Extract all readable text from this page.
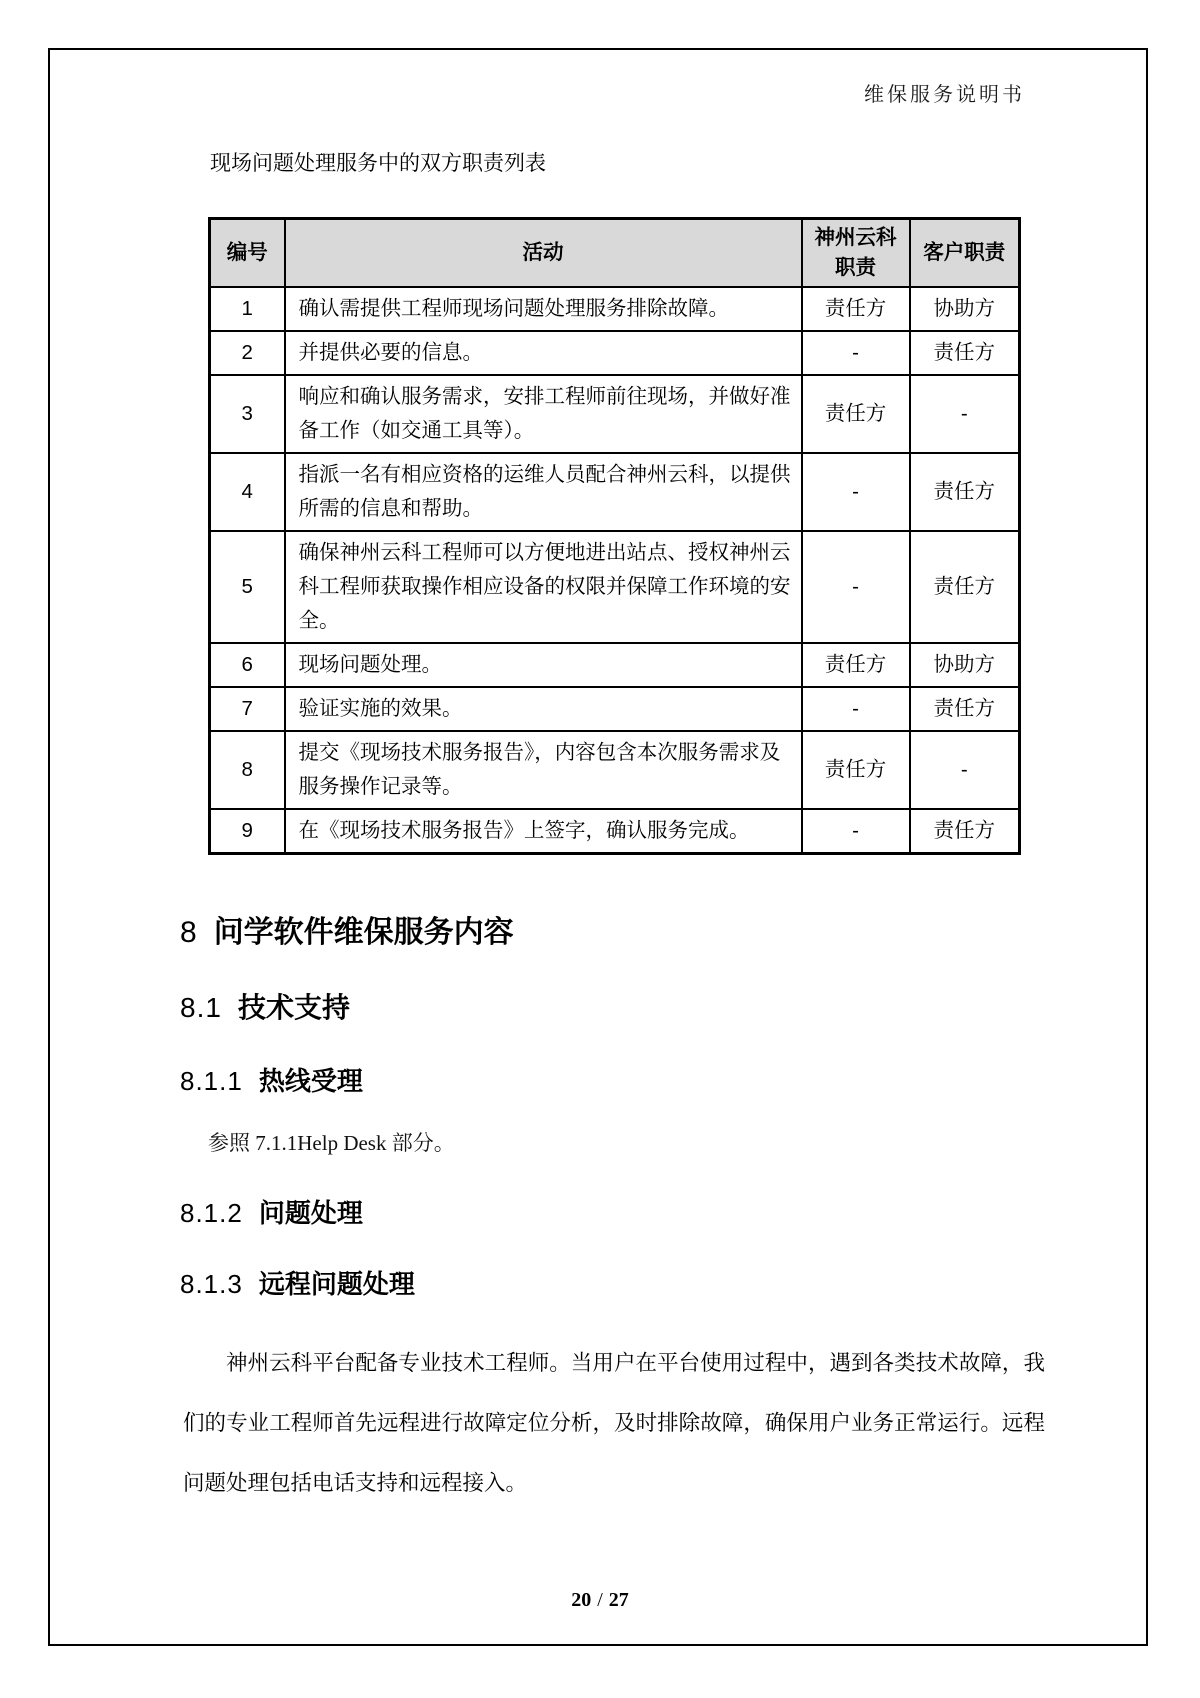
维保服务说明书
现场问题处理服务中的双方职责列表
编号	活动	神州云科职责	客户职责
1	确认需提供工程师现场问题处理服务排除故障。	责任方	协助方
2	并提供必要的信息。	-	责任方
3	响应和确认服务需求，安排工程师前往现场，并做好准备工作（如交通工具等）。	责任方	-
4	指派一名有相应资格的运维人员配合神州云科，以提供所需的信息和帮助。	-	责任方
5	确保神州云科工程师可以方便地进出站点、授权神州云科工程师获取操作相应设备的权限并保障工作环境的安全。	-	责任方
6	现场问题处理。	责任方	协助方
7	验证实施的效果。	-	责任方
8	提交《现场技术服务报告》，内容包含本次服务需求及服务操作记录等。	责任方	-
9	在《现场技术服务报告》上签字，确认服务完成。	-	责任方
8 问学软件维保服务内容
8.1 技术支持
8.1.1 热线受理

参照 7.1.1Help Desk 部分。

8.1.2 问题处理
8.1.3 远程问题处理

神州云科平台配备专业技术工程师。当用户在平台使用过程中，遇到各类技术故障，我们的专业工程师首先远程进行故障定位分析，及时排除故障，确保用户业务正常运行。远程问题处理包括电话支持和远程接入。

20 / 27
